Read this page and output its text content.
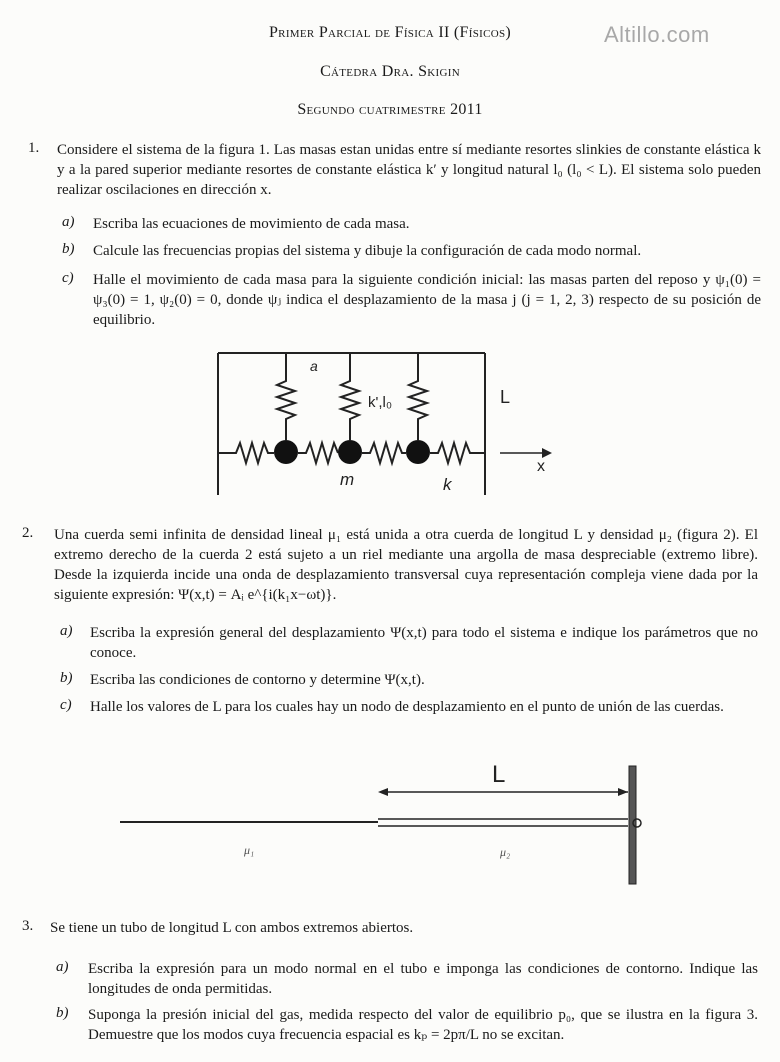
Primer Parcial de Física II (Físicos)
Cátedra Dra. Skigin
Segundo cuatrimestre 2011
Altillo.com
1. Considere el sistema de la figura 1. Las masas estan unidas entre sí mediante resortes slinkies de constante elástica k y a la pared superior mediante resortes de constante elástica k′ y longitud natural l₀ (l₀ < L). El sistema solo pueden realizar oscilaciones en dirección x.
a) Escriba las ecuaciones de movimiento de cada masa.
b) Calcule las frecuencias propias del sistema y dibuje la configuración de cada modo normal.
c) Halle el movimiento de cada masa para la siguiente condición inicial: las masas parten del reposo y ψ₁(0) = ψ₃(0) = 1, ψ₂(0) = 0, donde ψⱼ indica el desplazamiento de la masa j (j = 1, 2, 3) respecto de su posición de equilibrio.
a
k',l₀	L
x
m	k
2. Una cuerda semi infinita de densidad lineal μ₁ está unida a otra cuerda de longitud L y densidad μ₂ (figura 2). El extremo derecho de la cuerda 2 está sujeto a un riel mediante una argolla de masa despreciable (extremo libre). Desde la izquierda incide una onda de desplazamiento transversal cuya representación compleja viene dada por la siguiente expresión: Ψ(x,t) = Aᵢ e^{i(k₁x−ωt)}.
a) Escriba la expresión general del desplazamiento Ψ(x,t) para todo el sistema e indique los parámetros que no conoce.
b) Escriba las condiciones de contorno y determine Ψ(x,t).
c) Halle los valores de L para los cuales hay un nodo de desplazamiento en el punto de unión de las cuerdas.
L
μ₁	μ₂
3. Se tiene un tubo de longitud L con ambos extremos abiertos.
a) Escriba la expresión para un modo normal en el tubo e imponga las condiciones de contorno. Indique las longitudes de onda permitidas.
b) Suponga la presión inicial del gas, medida respecto del valor de equilibrio p₀, que se ilustra en la figura 3. Demuestre que los modos cuya frecuencia espacial es kₚ = 2pπ/L no se excitan.
